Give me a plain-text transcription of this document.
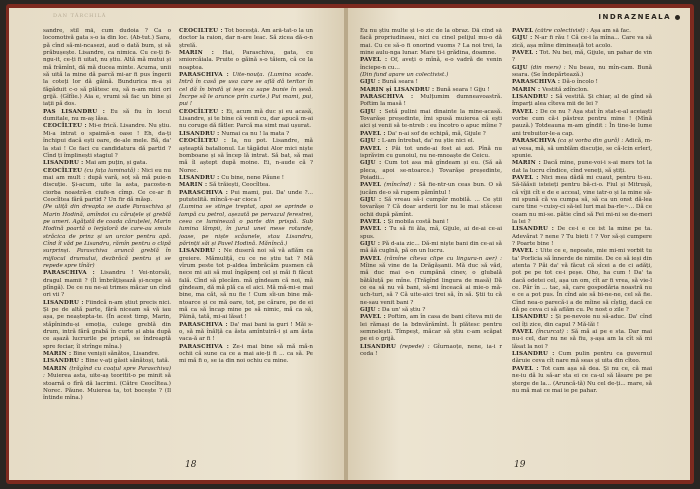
DAN TĂRCHILĂ

sandre, stil mă, cum dudoia ? Ca o locomotivă gata s-o ia din loc. (Ab-tut.) Sara, pă cînd să-mi-ncasezi, aud o dată bum, și să prăbușește. Lisandre, ca nimica. Cu ce-ți fi-ngu-it, ce-ți fi uitat, nu știu. Altă mă mutui și mă frămînt, dă mă ducea minte. Acuma, unii să uită la mine dă parcă mi-ar fi pus îngerii la coteți lor dă găină. Bundurica m-a și făgăduit c-o să plătesc eu, să n-am mici ori grijă. (Gîfîie.) Aia e, vrumi să fac un bine și iații pă dos.

PAS LISANDRU : Eu să fiu în locul dumitale, nu m-aș lăsa.

CEOCÎLTEU : Mi-e frică. Lisandre. Nu știu. Mi-a intrat o spaimă-n oase ! Eh, da-ți închipui dacă ești oare, de-ale mele. Bă, da' la stai ! Ce faci cu candidatura dă partid ? Cînd ți împlinești stagiul ?

LISANDRU : Mai am puțin, și gata.

CEOCÎLTEU (cu fața luminată) : Nici eu nu mai am mult : după vară, soț să mă puie-n discuție. Și-acum, uite la asta, pacoste-n ciorba noastră-n ciufe-n cîmp. Ce ce-ar fi Ceocîltea fără partid ? Un fir dă măsp.

(Pe uliță din dreapta se aude Paraschiva și Marin Hodină, amîndoi cu căruțele și greblă pe umeri. Agățată de coada căruțelei, Marin Hodină poartă o lerjaloră de care-au smuls străcica de prinz și un urcior pentru apă. Cînd îl văd pe Lisandru, rămîn pentru o clipă surprinși. Paraschiva aruncă greblă în mijlocul drumului, dezbrăcă pentru și se repede spre tînăr)

PARASCHIVA : Lisandru ! Vei-ntorsăi, dragul mamii ? (Îl îmbrățișează și-ncepe să plîngă). De ce nu ne-ai trimes măcar un cînd ori vii ?

LISANDRU : Fiindcă n-am știut precis nici. Și pe de altă parte, fără niceam să vă iau așa, pe neaștepta-te. (În acest timp, Marin, stăpînindu-și emoția, culege greblă din drum, intră fără grabă în curte și abia după ce așază lucrurile pe prispă, se îndreaptă spre feciar, îl strînge mîna.)

MARIN : Bine venișii sănătos, Lisandre.

LISANDRU : Bine v-ați găsit sănătoși, tată.

MARIN (trăgînd cu coațul spre Paraschiva) : Muierea asta, uite-aș teoritit-o pe minit să stoarnă o fîră dă lacrimi. (Către Ceocîltea.) Norec. Păune. Muierea ta, tot bocește ? (Il întinde mîna.)

CEOCÎLTEU : Tot bocesță. Am ară-tat-o la un doctor la raion, dar n-are leac. Să zicea dă-o-n ștrelă.

MARIN : Hai, Paraschiva, gata, cu smiorcăiala. Pruite o găină s-o tăiem, că ce la noaptea.

PARASCHIVA : Uite-nouța. (Lumina scade. Intră în casă pe usa care se află dă teritor în cel dă în bindă și ieșe cu sape bunie în șesă. Încrpe să le arunce prin curte.) Pui mami, pui, pui !

CEOCÎLTEU : Ei, acum mă duc și eu acasă, Lisandre, și te bine că venii cu, dar apucă m-ai nu coruge dă fătler. Parcă ma simt mai ușurat.

LISANDRU : Numai ca nu ! la mata ?

CEOCÎLTEU : Ia, nu pot. Lisandre, mă așteaptă batalionul. Le tăgădui Alor mici niște bomboane și să încep lă intrat. Să bat, să mai mă îl aștept după moine. Ei, n-aude că ? Norec.

LISANDRU : Cu bine, nene Păune !

MARIN : Să trăiești, Ceocîltea.

PARASCHIVA : Pui mami, pui. Da' unde ?... pututelită. mîncă-v-ar cioca !

(Lumina se stinge treptat, apoi se aprinde o lampă cu petrol, așezată pe pervazul ferestrei, ceea ce luminează o parte din prispă. Sub lumina lămpii, în jurul unei mese rotunde, joase, pe niște scăunele, stau Lisandru, părinții săi și Pavel Hodină. Mănîncă.)

LISANDRU : Ne duseră noi să vă aflăm ca greiere. Mămuliță, cu ce ne știu tat ? Mă vîrum peste tot p-aldea îmbrăcăm pusmen că nece mi aii să mul îngăpenț cel și măi fi făcut fală. Cînd să plecăm. mă gîndeam că noi, mă gîndeam, dă mă plă ca el aici. Mă mă-mi-e mai bine, ma căt, să nu fie ! Cum sîi-un bine mă-ntoarce și ce mă oare, tot, pe cărare, pe de ei mă ca să încap mine pe să nimic, mă ca să, Păină, tată, mi-ai lăsat !

PARASCHIVA : Da' mai bani ia guri ! Măi s-o, să mă înălță ca ăsta amîntuiră-i și am ăsta vaca-ă ar fi !

PARASCHIVA : Ze-i mai bine să mă mă-n ochii că sune ca ce a mai aie-ți fi ... ca să. Pe mi mă fi o, se ia din noi ochiu cu mine.

18
INDRAZNEALA

Eu nu știu multe și i-o zic de la obraz. Dă cînd să facă propriudinasu, nici cu cinel pelijul mu-o dă mai. Cu ce să-o fi onorind vuoms ? La noi trei, la mine aulu-nga lunar. Mare ți-i grădina, doamne.

PAVEL : Of, aveți o mînă, e-o vadră de venin înciepe-n cu...

(Din fund apare un colectivist.)

GIJU : Bună seara !

MARIN și LISANDRU : Bună seara ! Giju !

PARASCHIVA : Mulțumim dumneavoastră. Poftim la masă !

GIJU : Setă pulini mai dinainte la mine-acasă. Tovarășe președinte, îmi spusă muierea că ești aici și venii să te-ntreb : eu încotro o apuc mîine ?

PAVEL : Da' n-ai sof de echipă, mă, Gijule ?

GIJU : L-am întrebat, da' nu știe nici el.

PAVEL : Păi tot unde-ai fost ai azi. Pînă nu isprăvim cu gunoiul, nu ne-mnoaște de Ceicu.

GIJU : Cum tot asa mă gîndeam și eu. (Să aă pleca, apoi se-ntoarce.) Tovarășe președinte, Poiadii...

PAVEL (mîncînd) : Să fie-ntr-un ceas bun. O să jucăm de-o să rupem pămîntul !

GIJU : Să vreau să-i cumpăr mobilă. ... Ce știi tovarășe ? Că doar arderii lor nu le mai stăcese ochii după pămînt.

PAVEL : Și mobila costă bani !

PAVEL : Tu să fii ăla, mă, Gijule, ai de-ai ce-ai spus.

GIJU : Pă d-aia zic... Dă-mi niște bani din ce-ai să mă ăă cuglnă, pă on un lucru.

PAVEL (rămîne cîteva clipe cu lingura-n aer) : Mîine să vine de la Drăgășanii. Mă duc să văd, mă duc mai o-n cumpănă cinev, o glubală bătăluță pe mîne. (Trăgînd lingura de masă) Dă ce ea să nu vă bani, să-mi înceacă ai mie-o mă-uch-turi, să ? Că uite-aici trei să, în să. Știi tu că ne-sau venit bani ?

GIJU : Da un' să știu ?

PAVEL : Poftim, am în casa de bani cîteva mii de lei rămași de la bdnvărămînt. Îi plătesc pentru semnelești. Tîmpeșt, măcar să știu c-am scăpat pe ei o grijă.

LISANDRU (repede) : Gîurnaoțe, nene, ia-i r ceda !

PAVEL (către colectivist) : Așa am să fac.

GIJU : N-ar fi rău ! Că ce-i la mîna... Care va să zică, așa mîine dimineață tot acolo.

PAVEL : Tot. Nu bei, mă, Gijule, un pahar de vin ?

GIJU (din mers) : Nu beau, nu mîn-cam. Bună seara. (Se îndepărtează.)

PARASCHIVA : Dă-o încolo !

MARIN : Vestită zdînclon.

LISANDRU : Să vestită. Și chiar, al de gînd să împarți alea cîteva mii de lei ?

PAVEL : De ce nu ? Așa stat în stat-e-al aceiaști vorbe cum că-i păstrez pentru mine ! (Mînă pauză.) Totdeauna m-am gîndit : În tine-le lume ani trebuitor-le-a cap.

PARASCHIVA (ca și vorba din gură) : Adică, m-ai vesa, mă, să umblăm discuție, se că-lcin erlerl, spunie.

MARIN : Dacă mine, pune-voi-i s-ai mers tot la dat la lucru cîndice, cînd veneți, să știți.

PAVEL : Nici mea dădă mi cuaut, pentru ti-su. Să-lăăsii isteieți pentru bă-ci-o. Fiul și Mitrușă, că vîjii cît e de e acceal, vine iatr-o și la mine să-mi spună că va cumpa să, să ca un onst dă-lea care tine ~cuisy-ci să-iel luri mai ba-rle~... Dă ce ceam nu mi-se. pătie cînd să Fei mi-ni se de-meri la lei ?

LISANDRU : De ce-i e ce ist la mine pe ta. Adevărat ? nene ? Tu bieti ! ? Vor să-și cumpere ? Poarte bine !

PAVEL : Uite ce e, nepoate, mie mi-mi vorbit tu ta' Porlicia să înnerde de nimiie. De ce să ieși din atenta ? Păi da' vă făcut că sîcei a de ci adăți, pot pe pe tot ce-i peșe. Oho, ha cum ! Da' ta dacă odetei cel, așa un om, cît ar fi vrea, să vie-l ce. Păr în ... tac, să, care gospodăria noastră nu e ce a pot pus. În cînd aie să bi-ne-ne, cel să fie. Cînd nea-o parecă-i a de mîine să cîștig, dacă ce dă pe ceva ci să aflăm cu. Pe nost o zile ?

LISANDRU : Și pe-nevoie nu să-aduc. Da' cînd cel îți zice, din capul ? Mă-lăi !

PAVEL (încurcat) : Să mă ai pe e sta. Dar mai nu-i cel, dar nu ne să fiu, ș-așa am la cît să mi lăsat la noi ?

LISANDRU : Cum pulin pentru ca guvernul dăruie ceva cît nare mă seas și uita din cîteo.

PAVEL : Tot cam așa să dea. Și nu ce, că mai ne-iu dă lu să-ar sta ei ce ca-ul să lăsare pe pe șterge de la... (Aruncă-tă) Nu cel de-ți... mare, să nu mă mai ce mai ie pe pahar.

19
